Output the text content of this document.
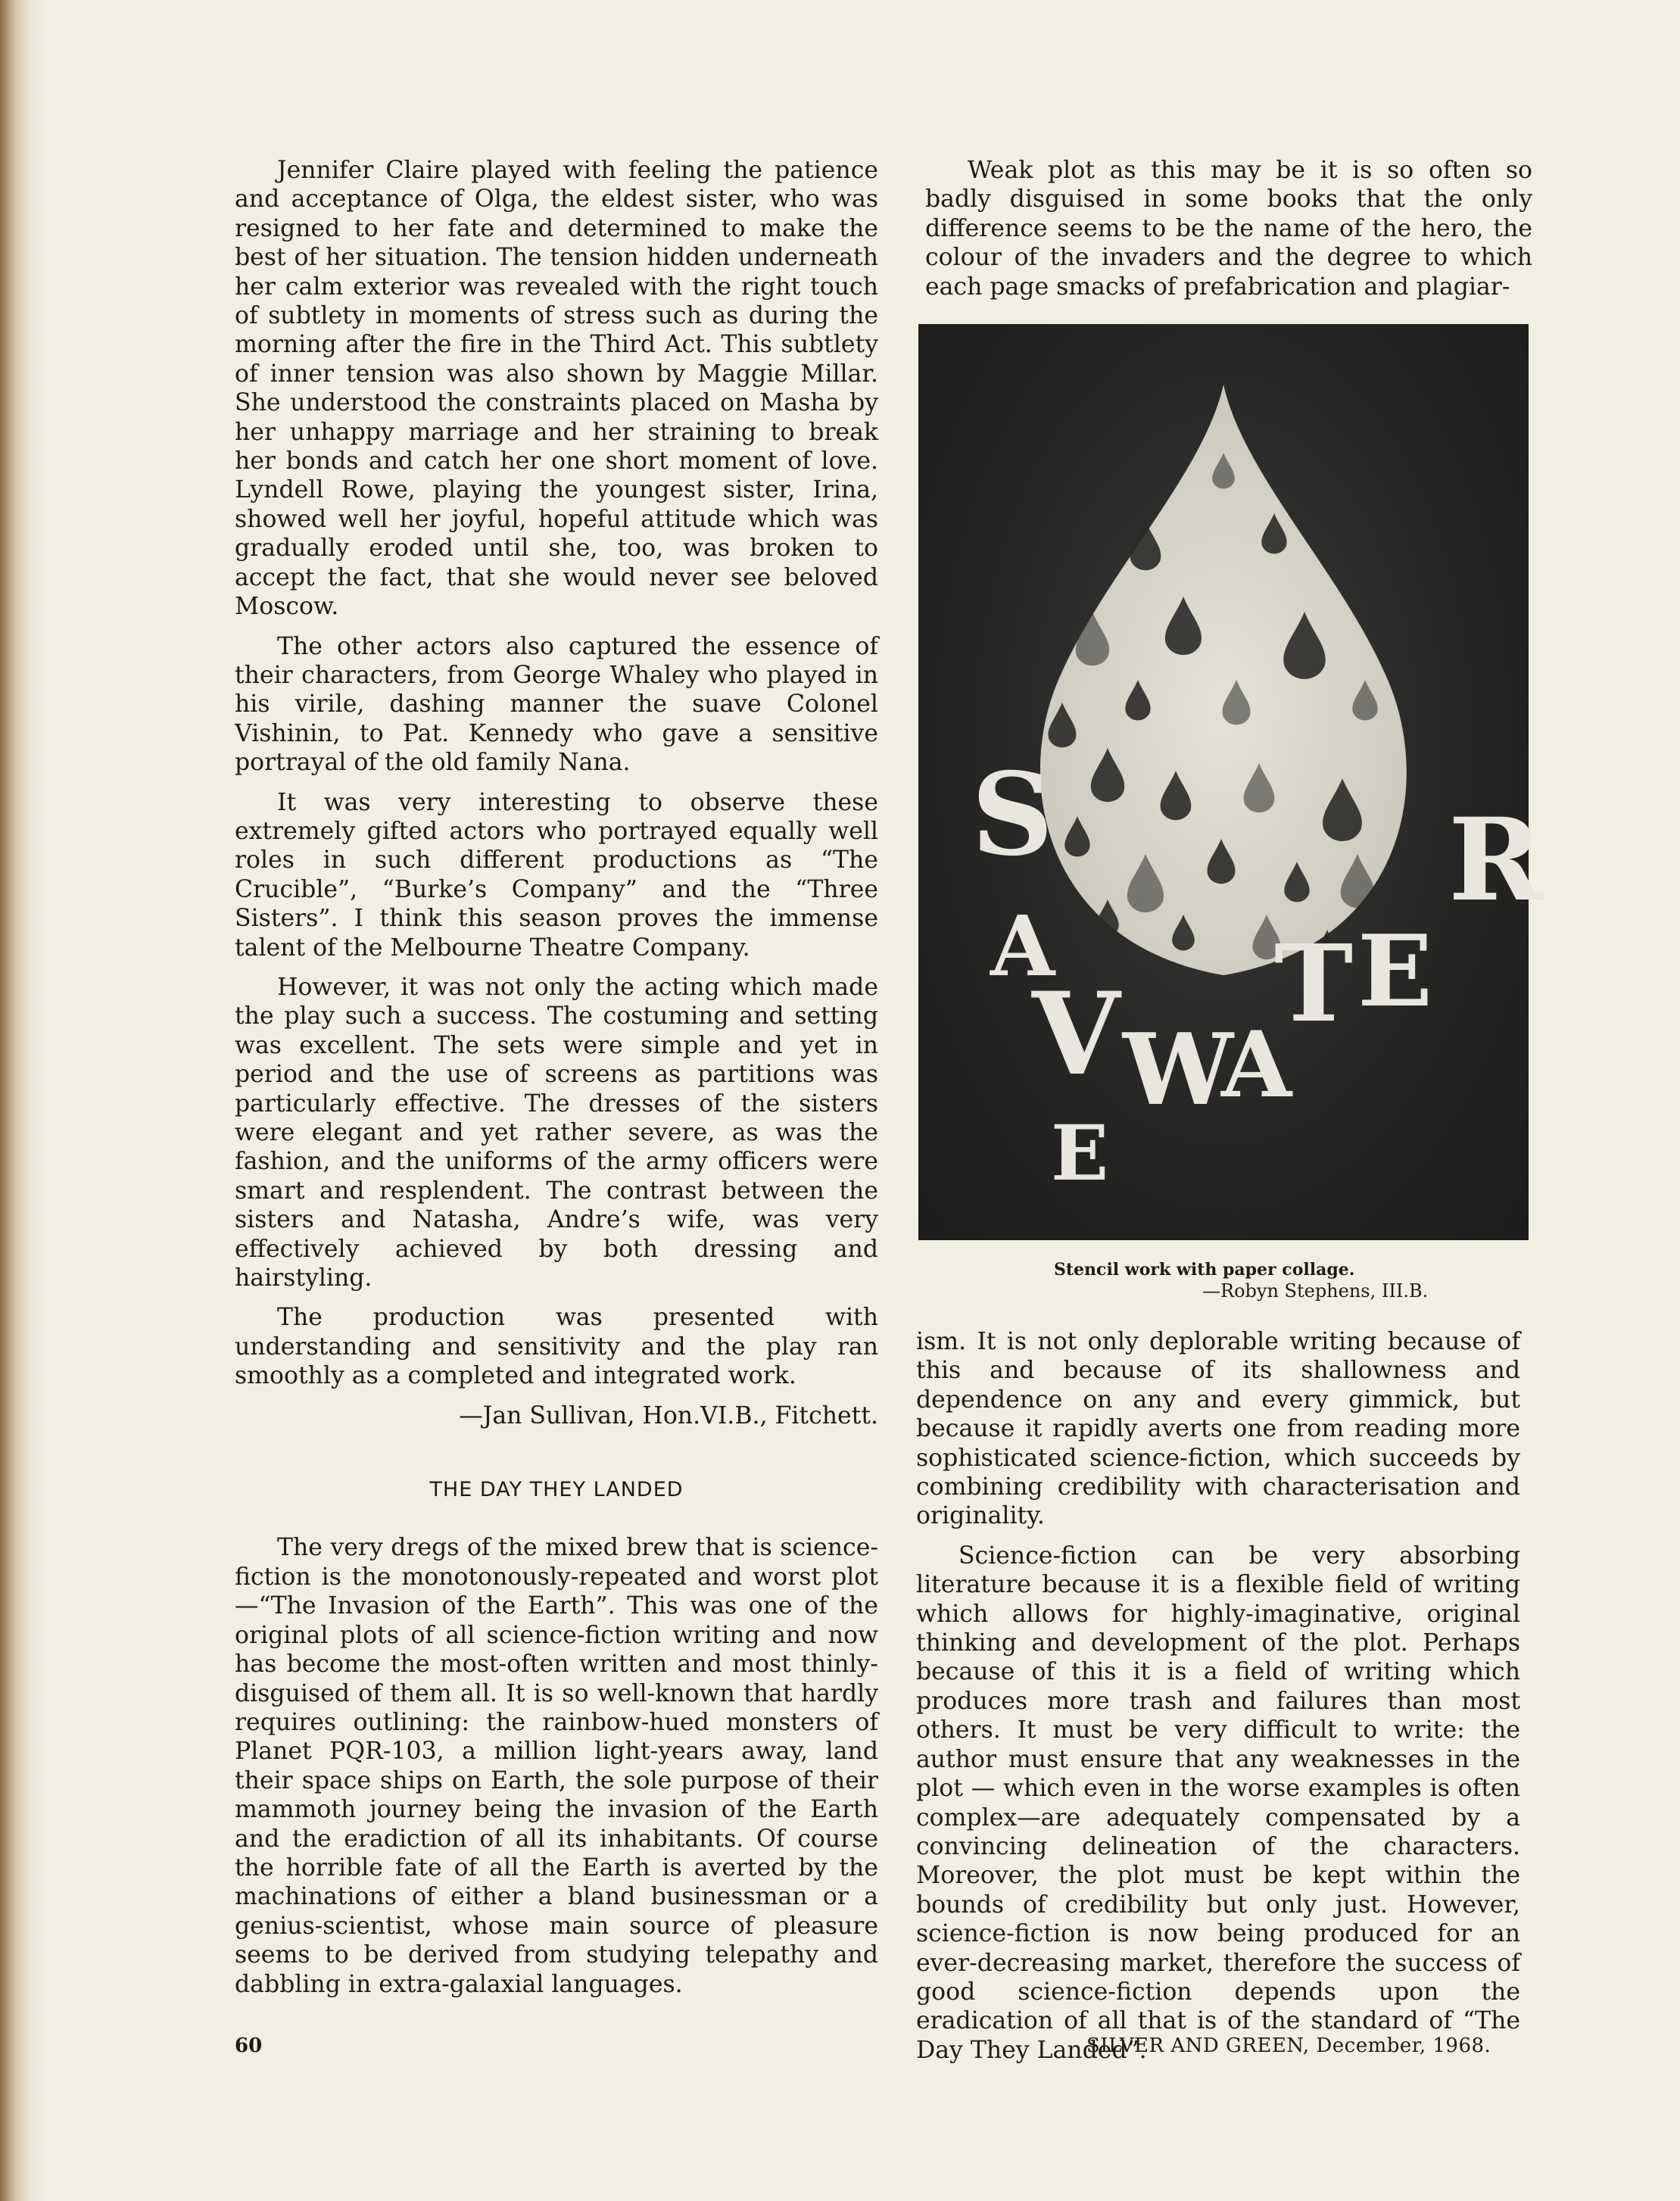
Jennifer Claire played with feeling the patience and acceptance of Olga, the eldest sister, who was resigned to her fate and determined to make the best of her situation. The tension hidden underneath her calm exterior was revealed with the right touch of subtlety in moments of stress such as during the morning after the fire in the Third Act. This subtlety of inner tension was also shown by Maggie Millar. She understood the constraints placed on Masha by her unhappy marriage and her straining to break her bonds and catch her one short moment of love. Lyndell Rowe, playing the youngest sister, Irina, showed well her joyful, hopeful attitude which was gradually eroded until she, too, was broken to accept the fact, that she would never see beloved Moscow.

The other actors also captured the essence of their characters, from George Whaley who played in his virile, dashing manner the suave Colonel Vishinin, to Pat. Kennedy who gave a sensitive portrayal of the old family Nana.

It was very interesting to observe these extremely gifted actors who portrayed equally well roles in such different productions as “The Crucible”, “Burke’s Company” and the “Three Sisters”. I think this season proves the immense talent of the Melbourne Theatre Company.

However, it was not only the acting which made the play such a success. The costuming and setting was excellent. The sets were simple and yet in period and the use of screens as partitions was particularly effective. The dresses of the sisters were elegant and yet rather severe, as was the fashion, and the uniforms of the army officers were smart and resplendent. The contrast between the sisters and Natasha, Andre’s wife, was very effectively achieved by both dressing and hairstyling.

The production was presented with understanding and sensitivity and the play ran smoothly as a completed and integrated work.

—Jan Sullivan, Hon.VI.B., Fitchett.

THE DAY THEY LANDED

The very dregs of the mixed brew that is science-fiction is the monotonously-repeated and worst plot—“The Invasion of the Earth”. This was one of the original plots of all science-fiction writing and now has become the most-often written and most thinly-disguised of them all. It is so well-known that hardly requires outlining: the rainbow-hued monsters of Planet PQR-103, a million light-years away, land their space ships on Earth, the sole purpose of their mammoth journey being the invasion of the Earth and the eradiction of all its inhabitants. Of course the horrible fate of all the Earth is averted by the machinations of either a bland businessman or a genius-scientist, whose main source of pleasure seems to be derived from studying telepathy and dabbling in extra-galaxial languages.

Weak plot as this may be it is so often so badly disguised in some books that the only difference seems to be the name of the hero, the colour of the invaders and the degree to which each page smacks of prefabrication and plagiar-

S
A
V
E
W
A
T E
R
Stencil work with paper collage.
—Robyn Stephens, III.B.

ism. It is not only deplorable writing because of this and because of its shallowness and dependence on any and every gimmick, but because it rapidly averts one from reading more sophisticated science-fiction, which succeeds by combining credibility with characterisation and originality.

Science-fiction can be very absorbing literature because it is a flexible field of writing which allows for highly-imaginative, original thinking and development of the plot. Perhaps because of this it is a field of writing which produces more trash and failures than most others. It must be very difficult to write: the author must ensure that any weaknesses in the plot — which even in the worse examples is often complex—are adequately compensated by a convincing delineation of the characters. Moreover, the plot must be kept within the bounds of credibility but only just. However, science-fiction is now being produced for an ever-decreasing market, therefore the success of good science-fiction depends upon the eradication of all that is of the standard of “The Day They Landed”.

60	SILVER AND GREEN, December, 1968.
